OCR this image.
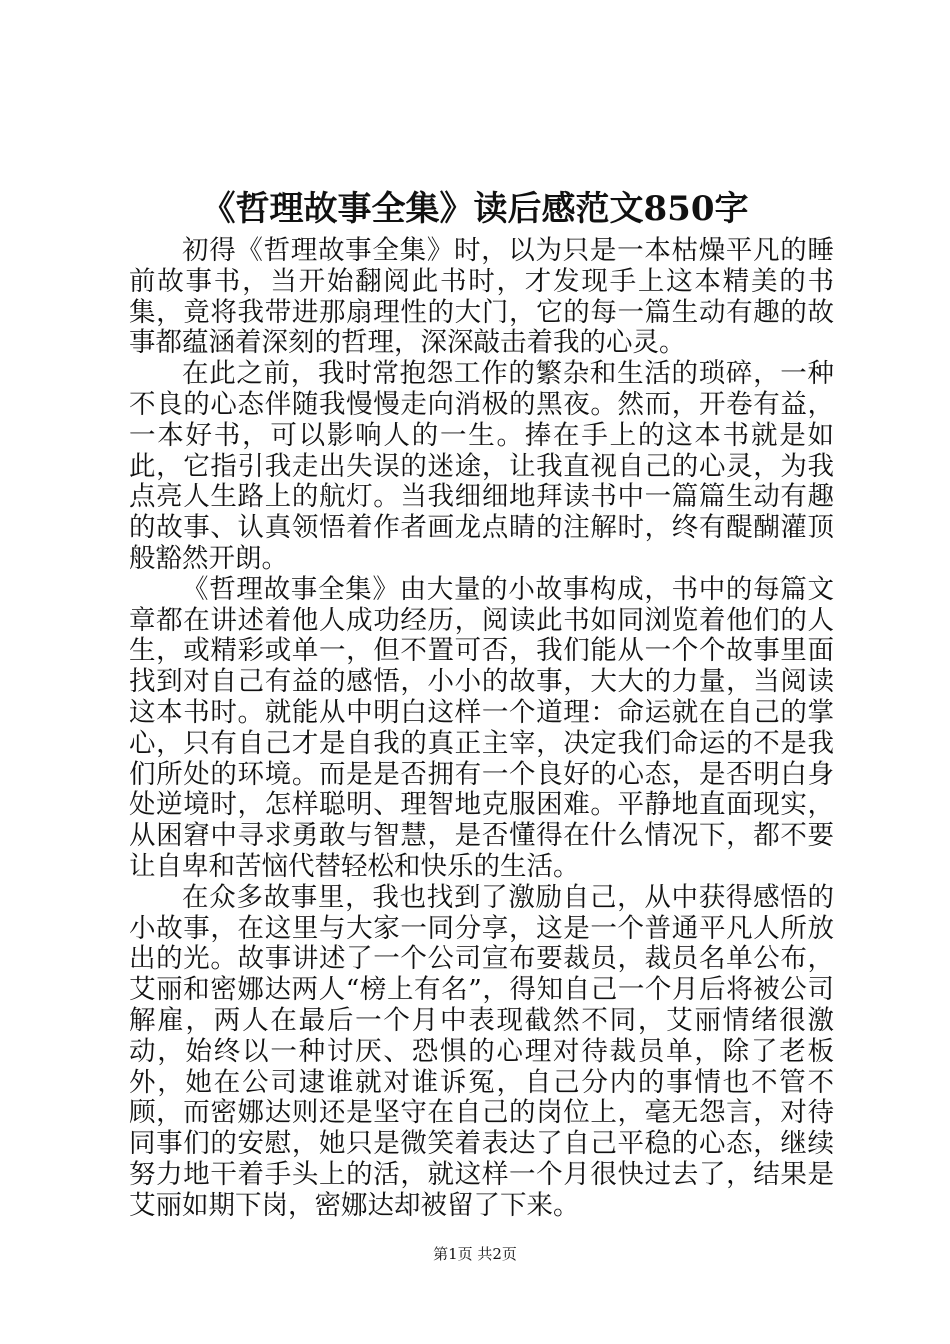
《哲理故事全集》读后感范文850字

初得《哲理故事全集》时，以为只是一本枯燥平凡的睡前故事书，当开始翻阅此书时，才发现手上这本精美的书集，竟将我带进那扇理性的大门，它的每一篇生动有趣的故事都蕴涵着深刻的哲理，深深敲击着我的心灵。

在此之前，我时常抱怨工作的繁杂和生活的琐碎，一种不良的心态伴随我慢慢走向消极的黑夜。然而，开卷有益，一本好书，可以影响人的一生。捧在手上的这本书就是如此，它指引我走出失误的迷途，让我直视自己的心灵，为我点亮人生路上的航灯。当我细细地拜读书中一篇篇生动有趣的故事、认真领悟着作者画龙点睛的注解时，终有醍醐灌顶般豁然开朗。

《哲理故事全集》由大量的小故事构成，书中的每篇文章都在讲述着他人成功经历，阅读此书如同浏览着他们的人生，或精彩或单一，但不置可否，我们能从一个个故事里面找到对自己有益的感悟，小小的故事，大大的力量，当阅读这本书时。就能从中明白这样一个道理：命运就在自己的掌心，只有自己才是自我的真正主宰，决定我们命运的不是我们所处的环境。而是是否拥有一个良好的心态，是否明白身处逆境时，怎样聪明、理智地克服困难。平静地直面现实，从困窘中寻求勇敢与智慧，是否懂得在什么情况下，都不要让自卑和苦恼代替轻松和快乐的生活。

在众多故事里，我也找到了激励自己，从中获得感悟的小故事，在这里与大家一同分享，这是一个普通平凡人所放出的光。故事讲述了一个公司宣布要裁员，裁员名单公布，艾丽和密娜达两人“榜上有名”，得知自己一个月后将被公司解雇，两人在最后一个月中表现截然不同，艾丽情绪很激动，始终以一种讨厌、恐惧的心理对待裁员单，除了老板外，她在公司逮谁就对谁诉冤，自己分内的事情也不管不顾，而密娜达则还是坚守在自己的岗位上，毫无怨言，对待同事们的安慰，她只是微笑着表达了自己平稳的心态，继续努力地干着手头上的活，就这样一个月很快过去了，结果是艾丽如期下岗，密娜达却被留了下来。

第1页 共2页
